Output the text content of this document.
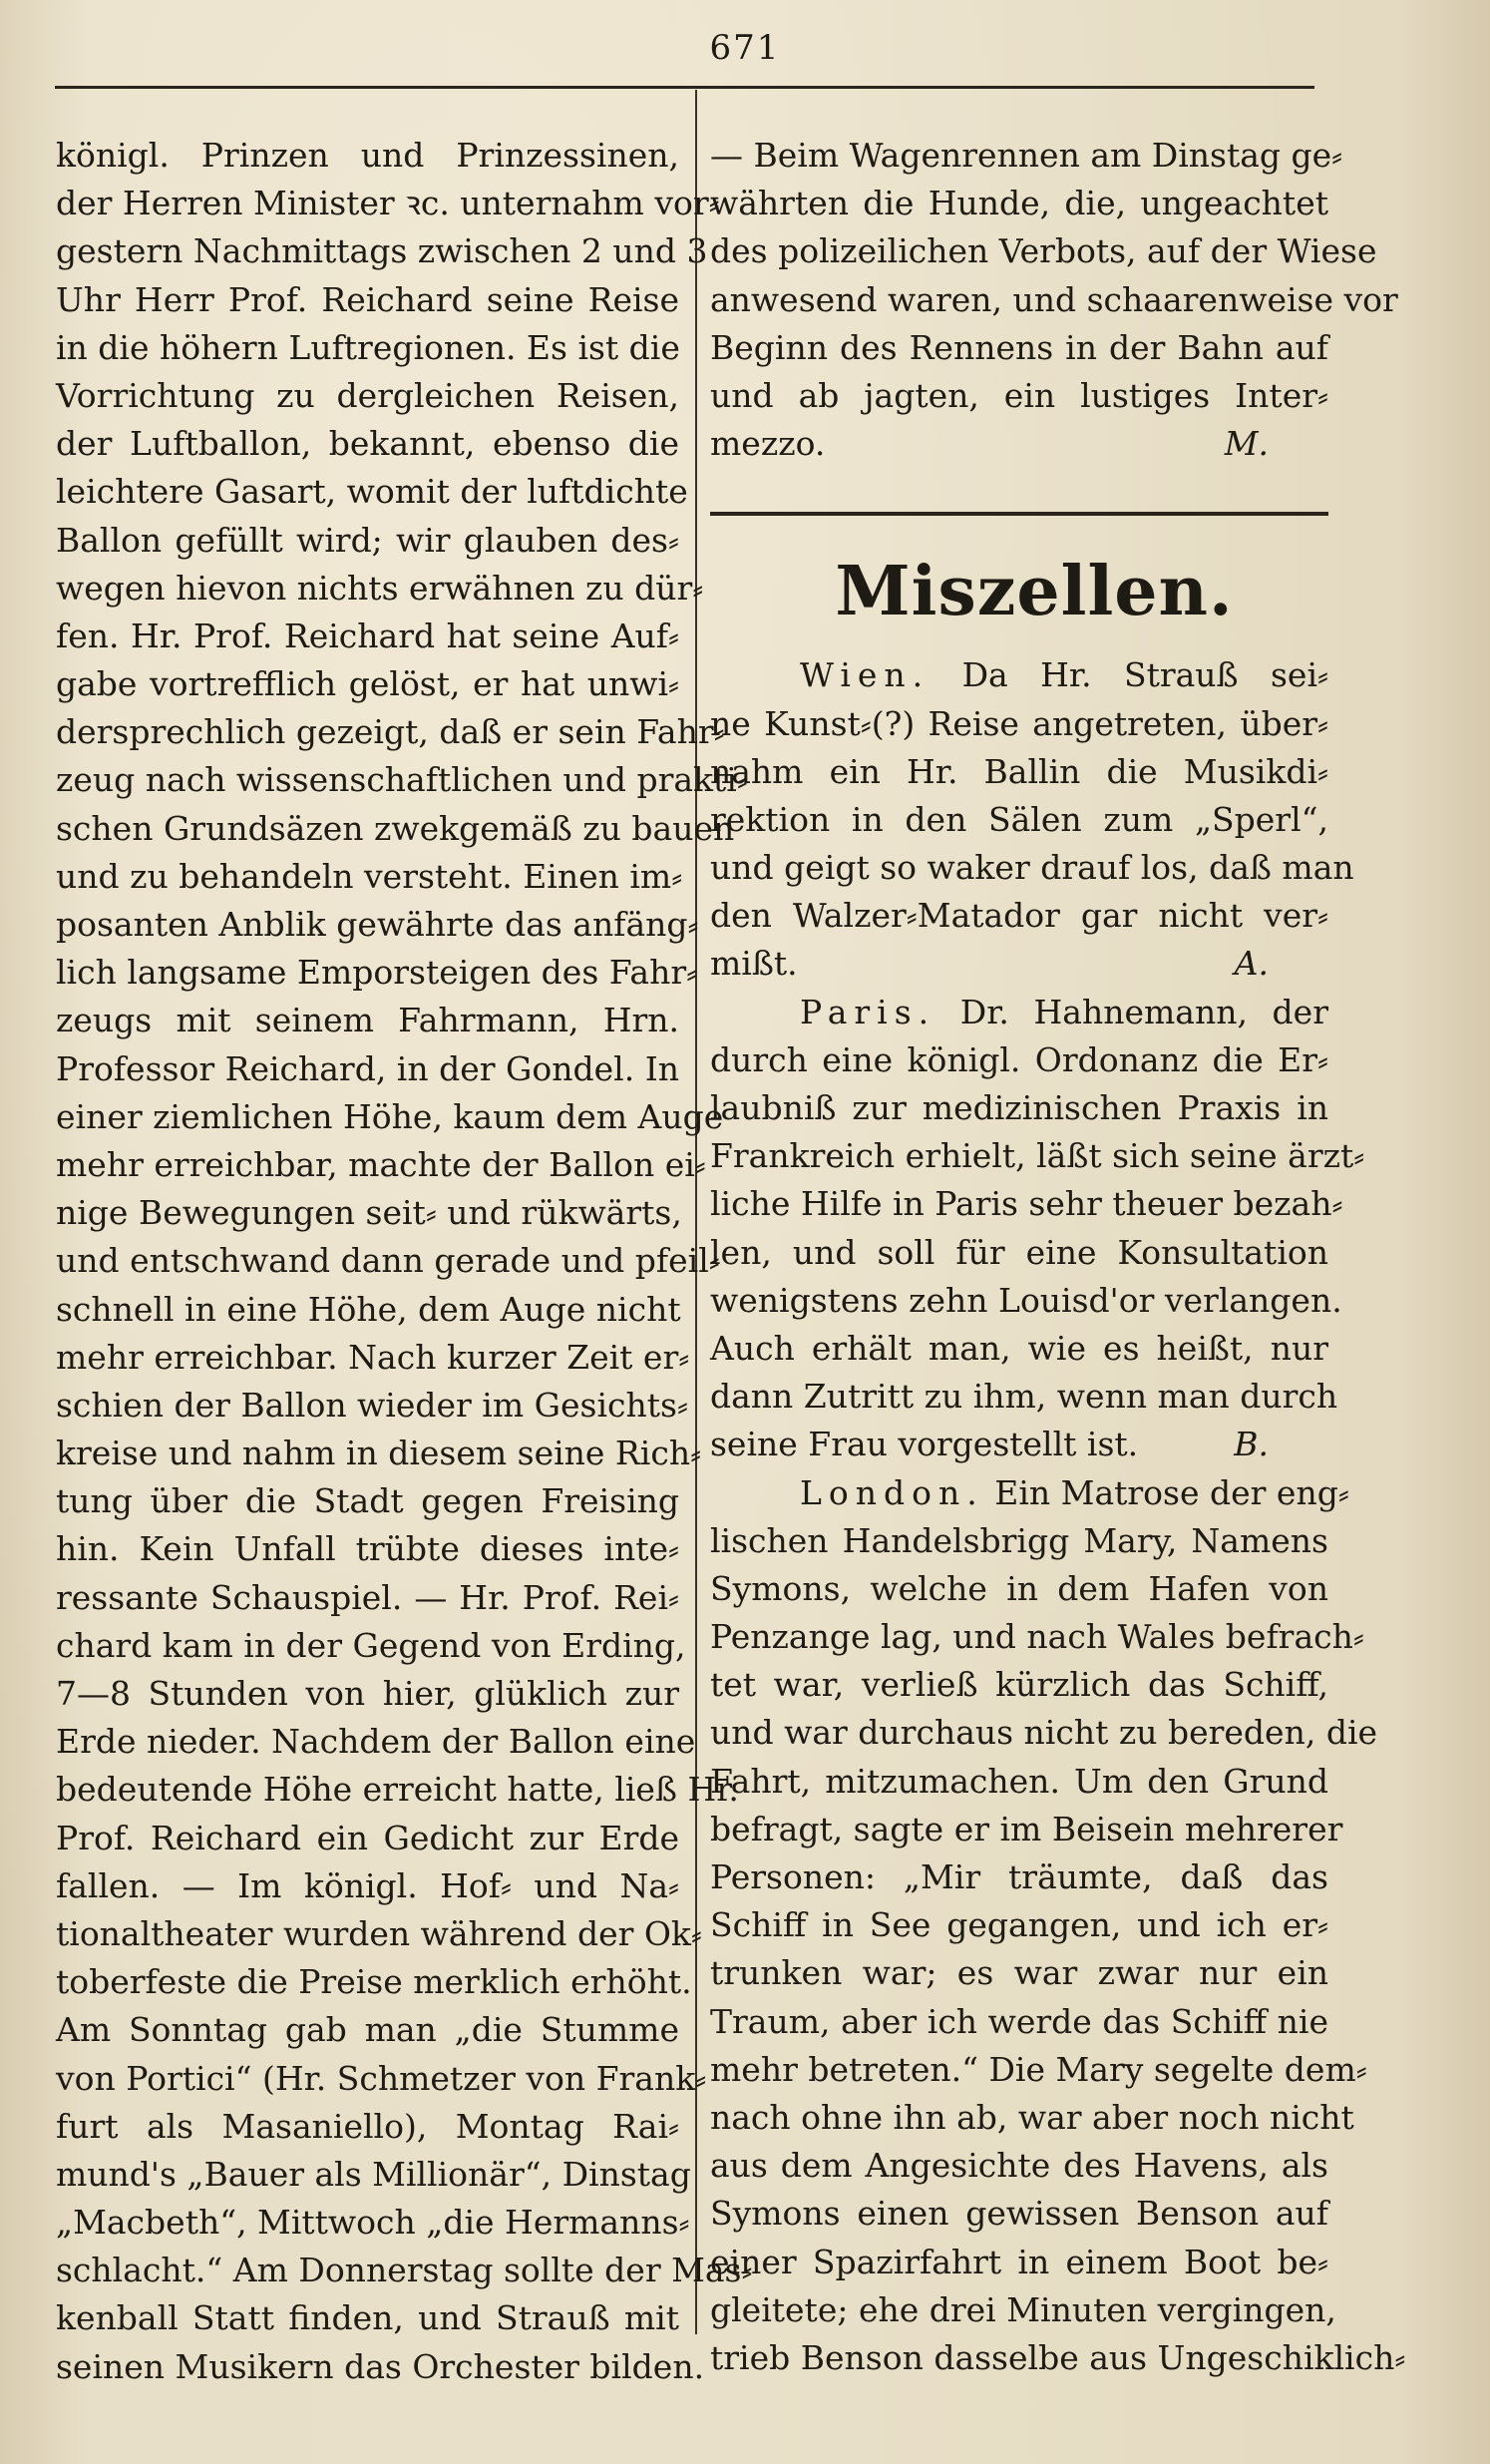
671
königl. Prinzen und Prinzessinen,
der Herren Minister ꝛc. unternahm vor⸗
gestern Nachmittags zwischen 2 und 3
Uhr Herr Prof. Reichard seine Reise
in die höhern Luftregionen. Es ist die
Vorrichtung zu dergleichen Reisen,
der Luftballon, bekannt, ebenso die
leichtere Gasart, womit der luftdichte
Ballon gefüllt wird; wir glauben des⸗
wegen hievon nichts erwähnen zu dür⸗
fen. Hr. Prof. Reichard hat seine Auf⸗
gabe vortrefflich gelöst, er hat unwi⸗
dersprechlich gezeigt, daß er sein Fahr⸗
zeug nach wissenschaftlichen und prakti⸗
schen Grundsäzen zwekgemäß zu bauen
und zu behandeln versteht. Einen im⸗
posanten Anblik gewährte das anfäng⸗
lich langsame Emporsteigen des Fahr⸗
zeugs mit seinem Fahrmann, Hrn.
Professor Reichard, in der Gondel. In
einer ziemlichen Höhe, kaum dem Auge
mehr erreichbar, machte der Ballon ei⸗
nige Bewegungen seit⸗ und rükwärts,
und entschwand dann gerade und pfeil⸗
schnell in eine Höhe, dem Auge nicht
mehr erreichbar. Nach kurzer Zeit er⸗
schien der Ballon wieder im Gesichts⸗
kreise und nahm in diesem seine Rich⸗
tung über die Stadt gegen Freising
hin. Kein Unfall trübte dieses inte⸗
ressante Schauspiel. — Hr. Prof. Rei⸗
chard kam in der Gegend von Erding,
7—8 Stunden von hier, glüklich zur
Erde nieder. Nachdem der Ballon eine
bedeutende Höhe erreicht hatte, ließ Hr.
Prof. Reichard ein Gedicht zur Erde
fallen. — Im königl. Hof⸗ und Na⸗
tionaltheater wurden während der Ok⸗
toberfeste die Preise merklich erhöht.
Am Sonntag gab man „die Stumme
von Portici“ (Hr. Schmetzer von Frank⸗
furt als Masaniello), Montag Rai⸗
mund's „Bauer als Millionär“, Dinstag
„Macbeth“, Mittwoch „die Hermanns⸗
schlacht.“ Am Donnerstag sollte der Mas⸗
kenball Statt finden, und Strauß mit
seinen Musikern das Orchester bilden.
— Beim Wagenrennen am Dinstag ge⸗
währten die Hunde, die, ungeachtet
des polizeilichen Verbots, auf der Wiese
anwesend waren, und schaarenweise vor
Beginn des Rennens in der Bahn auf
und ab jagten, ein lustiges Inter⸗
mezzo.	M.
Miszellen.
Wien. Da Hr. Strauß sei⸗
ne Kunst⸗(?) Reise angetreten, über⸗
nahm ein Hr. Ballin die Musikdi⸗
rektion in den Sälen zum „Sperl“,
und geigt so waker drauf los, daß man
den Walzer⸗Matador gar nicht ver⸗
mißt.	A.
Paris. Dr. Hahnemann, der
durch eine königl. Ordonanz die Er⸗
laubniß zur medizinischen Praxis in
Frankreich erhielt, läßt sich seine ärzt⸗
liche Hilfe in Paris sehr theuer bezah⸗
len, und soll für eine Konsultation
wenigstens zehn Louisd'or verlangen.
Auch erhält man, wie es heißt, nur
dann Zutritt zu ihm, wenn man durch
seine Frau vorgestellt ist.	B.
London. Ein Matrose der eng⸗
lischen Handelsbrigg Mary, Namens
Symons, welche in dem Hafen von
Penzange lag, und nach Wales befrach⸗
tet war, verließ kürzlich das Schiff,
und war durchaus nicht zu bereden, die
Fahrt, mitzumachen. Um den Grund
befragt, sagte er im Beisein mehrerer
Personen: „Mir träumte, daß das
Schiff in See gegangen, und ich er⸗
trunken war; es war zwar nur ein
Traum, aber ich werde das Schiff nie
mehr betreten.“ Die Mary segelte dem⸗
nach ohne ihn ab, war aber noch nicht
aus dem Angesichte des Havens, als
Symons einen gewissen Benson auf
einer Spazirfahrt in einem Boot be⸗
gleitete; ehe drei Minuten vergingen,
trieb Benson dasselbe aus Ungeschiklich⸗
